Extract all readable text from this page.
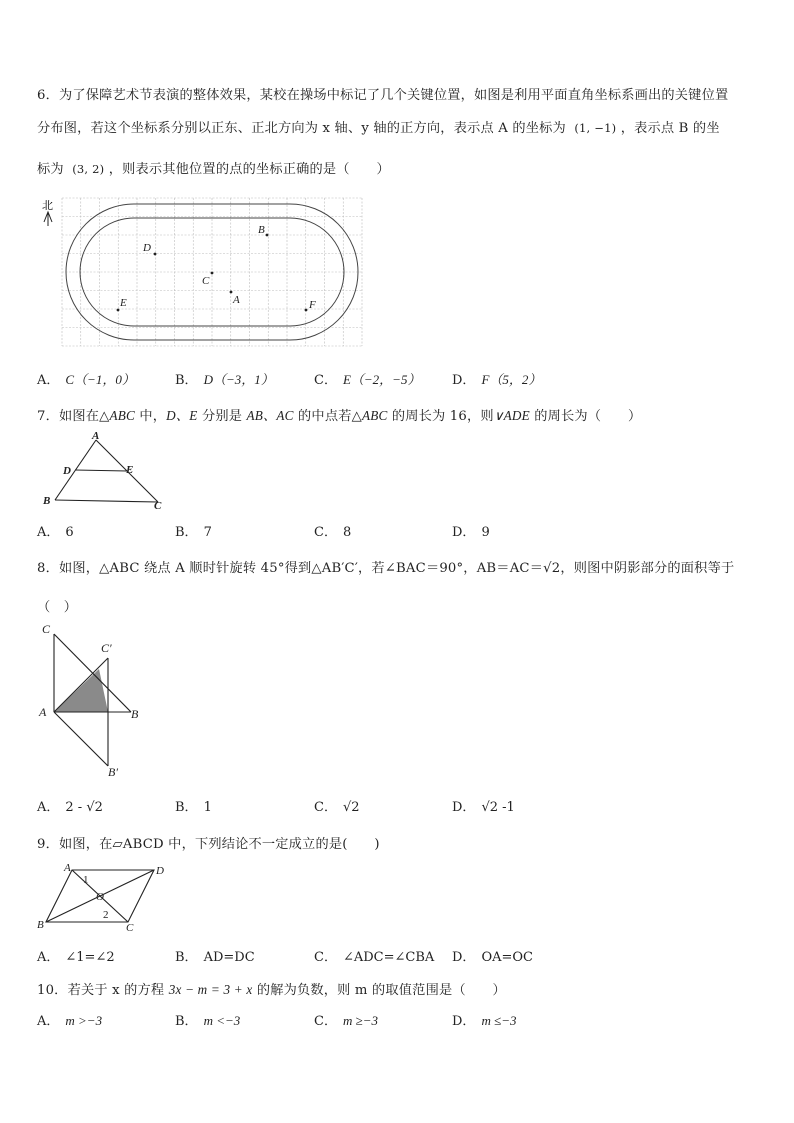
6．为了保障艺术节表演的整体效果，某校在操场中标记了几个关键位置，如图是利用平面直角坐标系画出的关键位置
分布图，若这个坐标系分别以正东、正北方向为 x 轴、y 轴的正方向，表示点 A 的坐标为 (1, −1) ，表示点 B 的坐
标为 (3, 2) ，则表示其他位置的点的坐标正确的是（　　）
北
B
D
C
A
E	F
A． C（−1，0）	B． D（−3，1）	C． E（−2，−5） D． F（5，2）
7．如图在△ABC 中，D、E 分别是 AB、AC 的中点若△ABC 的周长为 16，则∨ADE 的周长为（　　）
A
D	E
B	C
A． 6	B． 7	C． 8	D． 9
8．如图，△ABC 绕点 A 顺时针旋转 45°得到△AB′C′，若∠BAC＝90°，AB＝AC＝√2，则图中阴影部分的面积等于
（　）
C
C′
A	B
B′
A． 2 - √2	B． 1	C． √2	D． √2 -1
9．如图，在▱ABCD 中，下列结论不一定成立的是(　　)
A	D
B	C
O
1
2
A． ∠1=∠2	B． AD=DC	C． ∠ADC=∠CBA D． OA=OC
10．若关于 x 的方程 3x − m = 3 + x 的解为负数，则 m 的取值范围是（　　）
A． m >−3	B． m <−3	C． m ≥−3	D． m ≤−3
